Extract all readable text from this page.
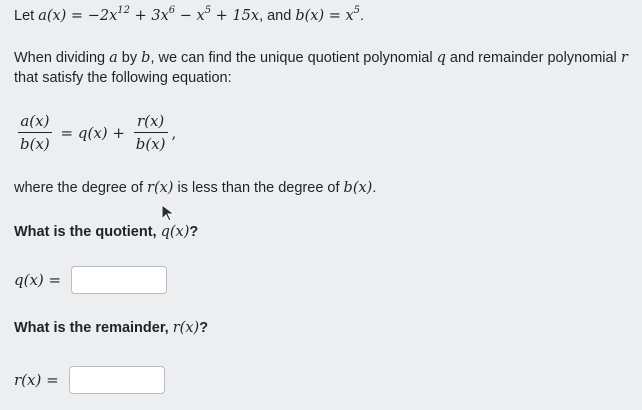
Let $a(x) = -2x^{12} + 3x^6 - x^5 + 15x$, and $b(x) = x^5$.
When dividing a by b, we can find the unique quotient polynomial q and remainder polynomial r that satisfy the following equation:
$\frac{a(x)}{b(x)} = q(x) + \frac{r(x)}{b(x)}$ ,
where the degree of r(x) is less than the degree of b(x).
What is the quotient, q(x)?
q(x) =
What is the remainder, r(x)?
r(x) =
